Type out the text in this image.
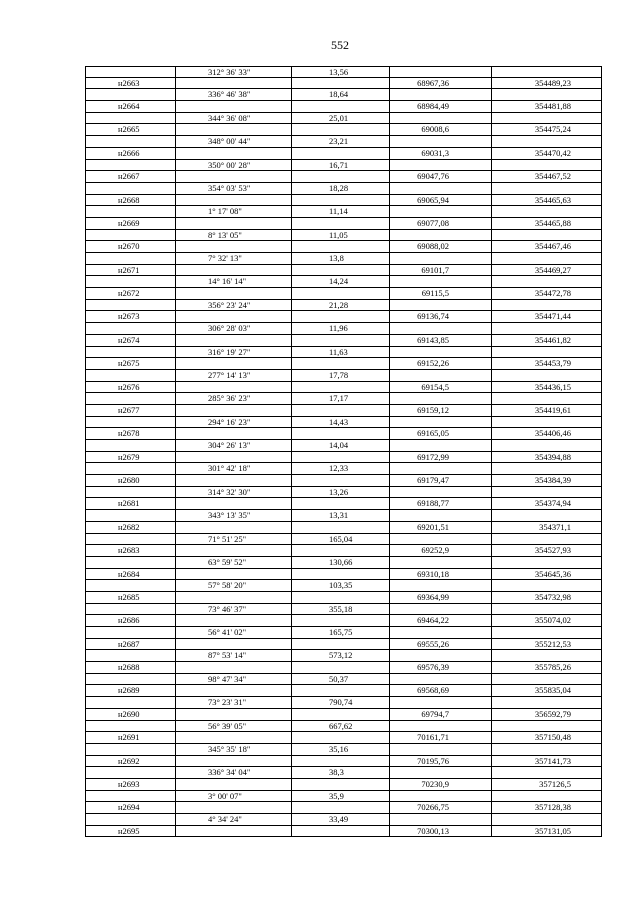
552
312° 36' 33"	13,56
н2663	68967,36	354489,23
336° 46' 38"	18,64
н2664	68984,49	354481,88
344° 36' 08"	25,01
н2665	69008,6	354475,24
348° 00' 44"	23,21
н2666	69031,3	354470,42
350° 00' 28"	16,71
н2667	69047,76	354467,52
354° 03' 53"	18,28
н2668	69065,94	354465,63
1° 17' 08"	11,14
н2669	69077,08	354465,88
8° 13' 05"	11,05
н2670	69088,02	354467,46
7° 32' 13"	13,8
н2671	69101,7	354469,27
14° 16' 14"	14,24
н2672	69115,5	354472,78
356° 23' 24"	21,28
н2673	69136,74	354471,44
306° 28' 03"	11,96
н2674	69143,85	354461,82
316° 19' 27"	11,63
н2675	69152,26	354453,79
277° 14' 13"	17,78
н2676	69154,5	354436,15
285° 36' 23"	17,17
н2677	69159,12	354419,61
294° 16' 23"	14,43
н2678	69165,05	354406,46
304° 26' 13"	14,04
н2679	69172,99	354394,88
301° 42' 18"	12,33
н2680	69179,47	354384,39
314° 32' 30"	13,26
н2681	69188,77	354374,94
343° 13' 35"	13,31
н2682	69201,51	354371,1
71° 51' 25"	165,04
н2683	69252,9	354527,93
63° 59' 52"	130,66
н2684	69310,18	354645,36
57° 58' 20"	103,35
н2685	69364,99	354732,98
73° 46' 37"	355,18
н2686	69464,22	355074,02
56° 41' 02"	165,75
н2687	69555,26	355212,53
87° 53' 14"	573,12
н2688	69576,39	355785,26
98° 47' 34"	50,37
н2689	69568,69	355835,04
73° 23' 31"	790,74
н2690	69794,7	356592,79
56° 39' 05"	667,62
н2691	70161,71	357150,48
345° 35' 18"	35,16
н2692	70195,76	357141,73
336° 34' 04"	38,3
н2693	70230,9	357126,5
3° 00' 07"	35,9
н2694	70266,75	357128,38
4° 34' 24"	33,49
н2695	70300,13	357131,05
